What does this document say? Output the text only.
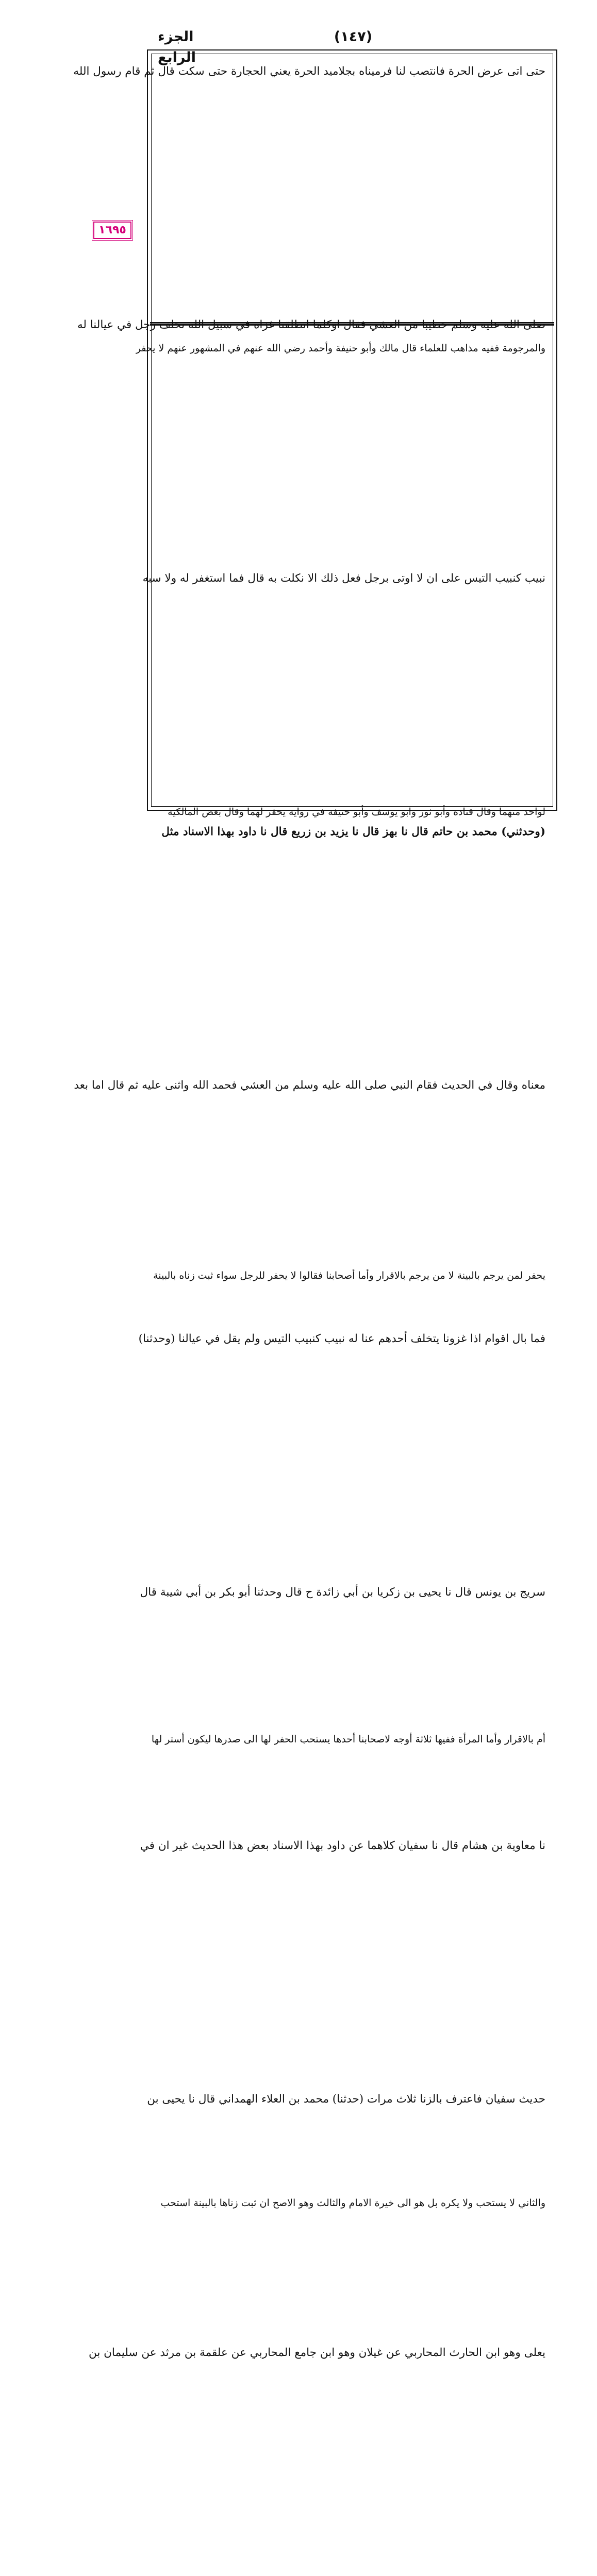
الجزء الرابع
(١٤٧)
١٦٩٥
حتى اتى عرض الحرة فانتصب لنا فرميناه بجلاميد الحرة يعني الحجارة حتى سكت قال ثم قام رسول الله
صلى الله عليه وسلم خطيبا من العشي فقال اوكلما انطلقنا غزاة في سبيل الله تخلف رجل في عيالنا له
نبيب كنبيب التيس على ان لا اوتى برجل فعل ذلك الا نكلت به قال فما استغفر له ولا سبه
(وحدثني) محمد بن حاتم قال نا بهز قال نا يزيد بن زريع قال نا داود بهذا الاسناد مثل
معناه وقال في الحديث فقام النبي صلى الله عليه وسلم من العشي فحمد الله واثنى عليه ثم قال اما بعد
فما بال اقوام اذا غزونا يتخلف أحدهم عنا له نبيب كنبيب التيس ولم يقل في عيالنا (وحدثنا)
سريج بن يونس قال نا يحيى بن زكريا بن أبي زائدة ح قال وحدثنا أبو بكر بن أبي شيبة قال
نا معاوية بن هشام قال نا سفيان كلاهما عن داود بهذا الاسناد بعض هذا الحديث غير ان في
حديث سفيان فاعترف بالزنا ثلاث مرات (حدثنا) محمد بن العلاء الهمداني قال نا يحيى بن
يعلى وهو ابن الحارث المحاربي عن غيلان وهو ابن جامع المحاربي عن علقمة بن مرثد عن سليمان بن
والمرجومة ففيه مذاهب للعلماء قال مالك وأبو حنيفة وأحمد رضي الله عنهم في المشهور عنهم لا يحفر
لواحد منهما وقال قتادة وأبو ثور وابو يوسف وأبو حنيفة في رواية يحفر لهما وقال بعض المالكية
يحفر لمن يرجم بالبينة لا من يرجم بالاقرار وأما أصحابنا فقالوا لا يحفر للرجل سواء ثبت زناه بالبينة
أم بالاقرار وأما المرأة ففيها ثلاثة أوجه لاصحابنا أحدها يستحب الحفر لها الى صدرها ليكون أستر لها
والثاني لا يستحب ولا يكره بل هو الى خيرة الامام والثالث وهو الاصح ان ثبت زناها بالبينة استحب
